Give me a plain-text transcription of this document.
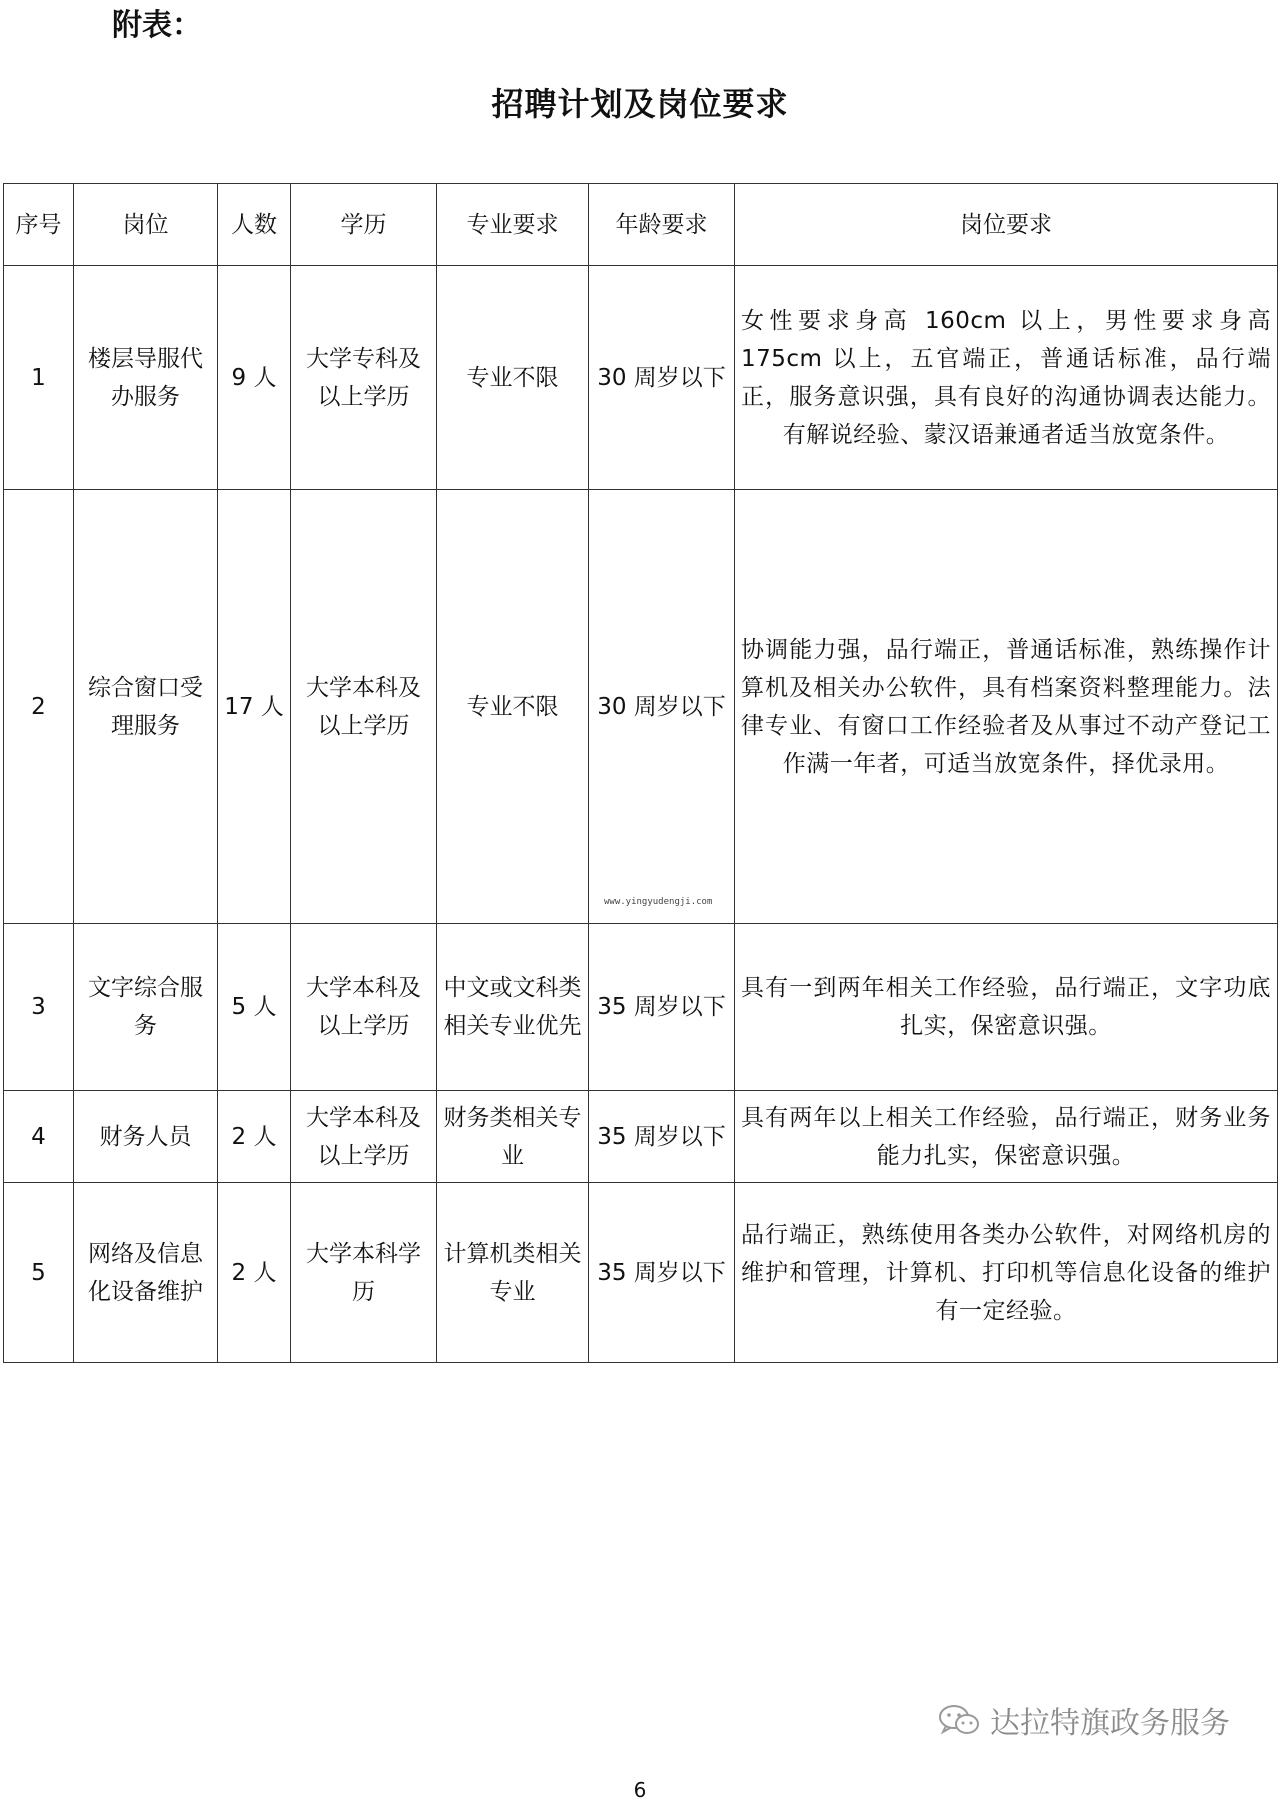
附表：
招聘计划及岗位要求
序号	岗位	人数	学历	专业要求	年龄要求	岗位要求
1	楼层导服代办服务	9 人	大学专科及以上学历	专业不限	30 周岁以下	女性要求身高 160cm 以上，男性要求身高 175cm 以上，五官端正，普通话标准，品行端正，服务意识强，具有良好的沟通协调表达能力。有解说经验、蒙汉语兼通者适当放宽条件。

2	综合窗口受理服务	17 人	大学本科及以上学历	专业不限	30 周岁以下	协调能力强，品行端正，普通话标准，熟练操作计算机及相关办公软件，具有档案资料整理能力。法律专业、有窗口工作经验者及从事过不动产登记工作满一年者，可适当放宽条件，择优录用。

3	文字综合服务	5 人	大学本科及以上学历	中文或文科类相关专业优先	35 周岁以下	具有一到两年相关工作经验，品行端正，文字功底扎实，保密意识强。

4	财务人员	2 人	大学本科及以上学历	财务类相关专业	35 周岁以下	具有两年以上相关工作经验，品行端正，财务业务能力扎实，保密意识强。

5	网络及信息化设备维护	2 人	大学本科学历	计算机类相关专业	35 周岁以下	品行端正，熟练使用各类办公软件，对网络机房的维护和管理，计算机、打印机等信息化设备的维护有一定经验。
www.yingyudengji.com
达拉特旗政务服务
6
